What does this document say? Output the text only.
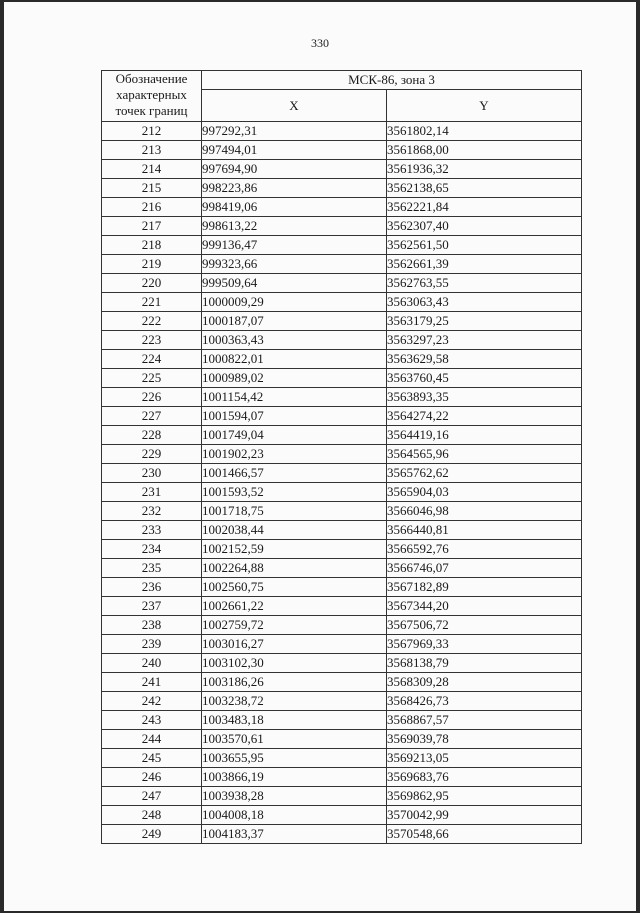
330
Обозначение характерных точек границ	МСК-86, зона 3	
	X	Y
212	997292,31	3561802,14
213	997494,01	3561868,00
214	997694,90	3561936,32
215	998223,86	3562138,65
216	998419,06	3562221,84
217	998613,22	3562307,40
218	999136,47	3562561,50
219	999323,66	3562661,39
220	999509,64	3562763,55
221	1000009,29	3563063,43
222	1000187,07	3563179,25
223	1000363,43	3563297,23
224	1000822,01	3563629,58
225	1000989,02	3563760,45
226	1001154,42	3563893,35
227	1001594,07	3564274,22
228	1001749,04	3564419,16
229	1001902,23	3564565,96
230	1001466,57	3565762,62
231	1001593,52	3565904,03
232	1001718,75	3566046,98
233	1002038,44	3566440,81
234	1002152,59	3566592,76
235	1002264,88	3566746,07
236	1002560,75	3567182,89
237	1002661,22	3567344,20
238	1002759,72	3567506,72
239	1003016,27	3567969,33
240	1003102,30	3568138,79
241	1003186,26	3568309,28
242	1003238,72	3568426,73
243	1003483,18	3568867,57
244	1003570,61	3569039,78
245	1003655,95	3569213,05
246	1003866,19	3569683,76
247	1003938,28	3569862,95
248	1004008,18	3570042,99
249	1004183,37	3570548,66
